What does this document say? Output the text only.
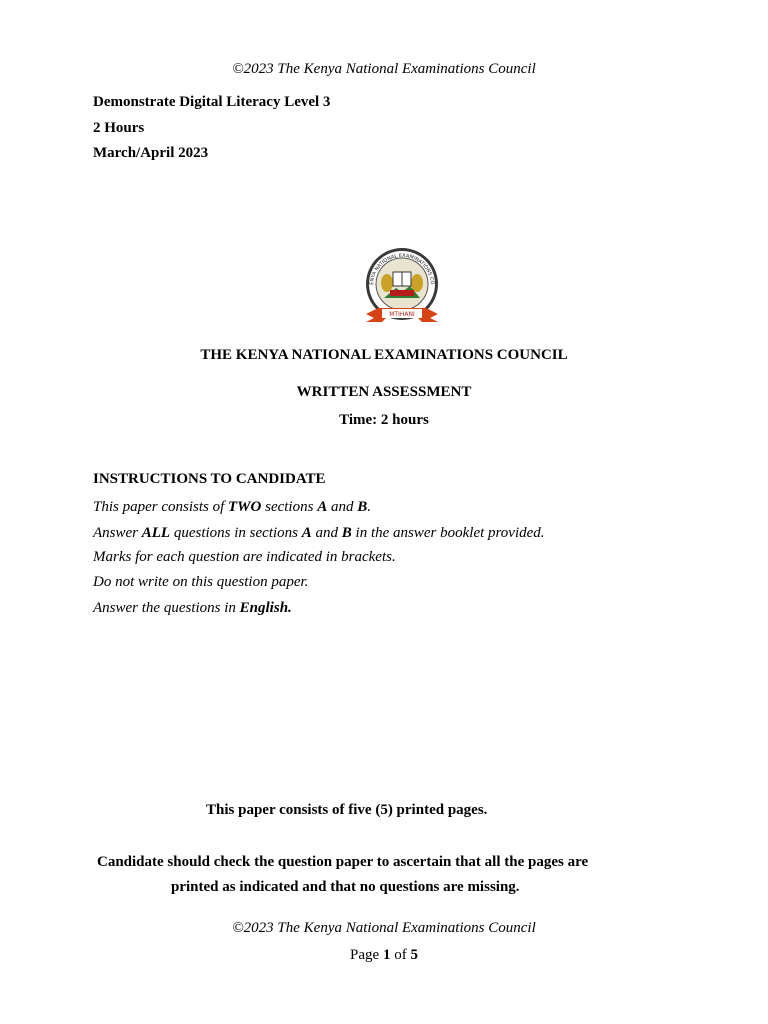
©2023 The Kenya National Examinations Council
Demonstrate Digital Literacy Level 3
2 Hours
March/April 2023
ENYA NATIONAL EXAMINATIONS CO
MTIHANI
THE KENYA NATIONAL EXAMINATIONS COUNCIL
WRITTEN ASSESSMENT
Time: 2 hours
INSTRUCTIONS TO CANDIDATE
This paper consists of TWO sections A and B.
Answer ALL questions in sections A and B in the answer booklet provided.
Marks for each question are indicated in brackets.
Do not write on this question paper.
Answer the questions in English.
This paper consists of five (5) printed pages.
Candidate should check the question paper to ascertain that all the pages are
printed as indicated and that no questions are missing.
©2023 The Kenya National Examinations Council
Page 1 of 5
